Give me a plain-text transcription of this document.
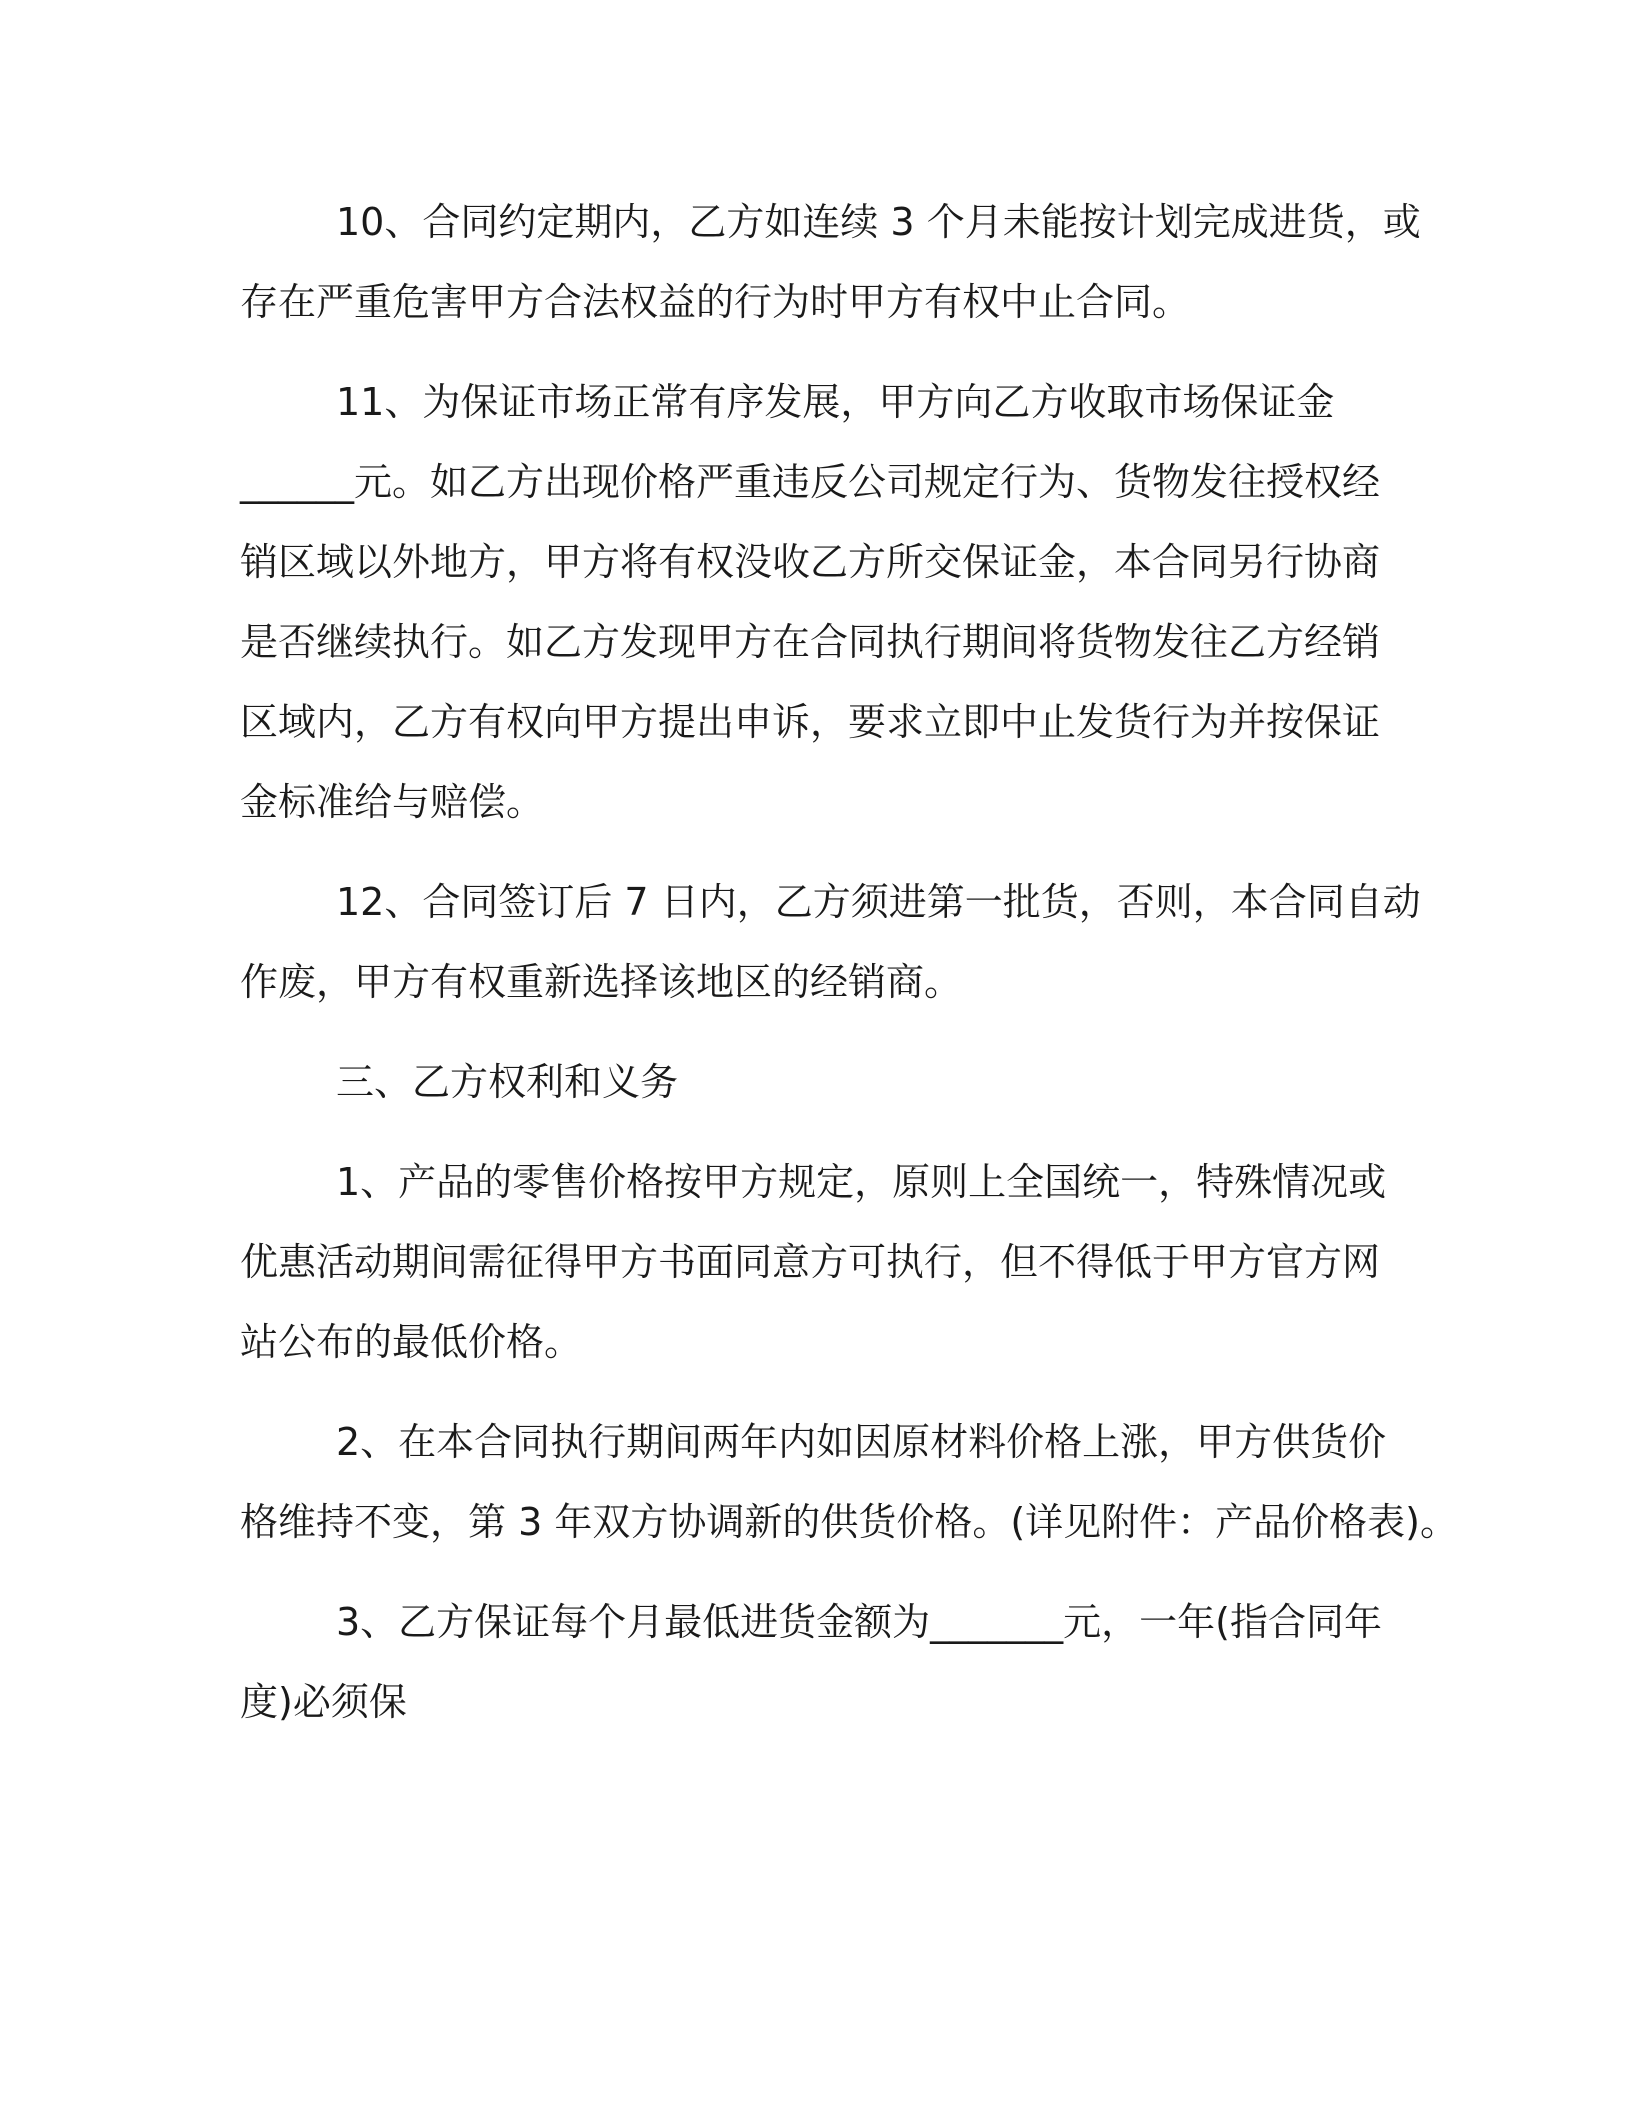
10、合同约定期内，乙方如连续 3 个月未能按计划完成进货，或
存在严重危害甲方合法权益的行为时甲方有权中止合同。
11、为保证市场正常有序发展，甲方向乙方收取市场保证金
______元。如乙方出现价格严重违反公司规定行为、货物发往授权经
销区域以外地方，甲方将有权没收乙方所交保证金，本合同另行协商
是否继续执行。如乙方发现甲方在合同执行期间将货物发往乙方经销
区域内，乙方有权向甲方提出申诉，要求立即中止发货行为并按保证
金标准给与赔偿。
12、合同签订后 7 日内，乙方须进第一批货，否则，本合同自动
作废，甲方有权重新选择该地区的经销商。
三、乙方权利和义务
1、产品的零售价格按甲方规定，原则上全国统一，特殊情况或
优惠活动期间需征得甲方书面同意方可执行，但不得低于甲方官方网
站公布的最低价格。
2、在本合同执行期间两年内如因原材料价格上涨，甲方供货价
格维持不变，第 3 年双方协调新的供货价格。(详见附件：产品价格表)。
3、乙方保证每个月最低进货金额为_______元，一年(指合同年
度)必须保
